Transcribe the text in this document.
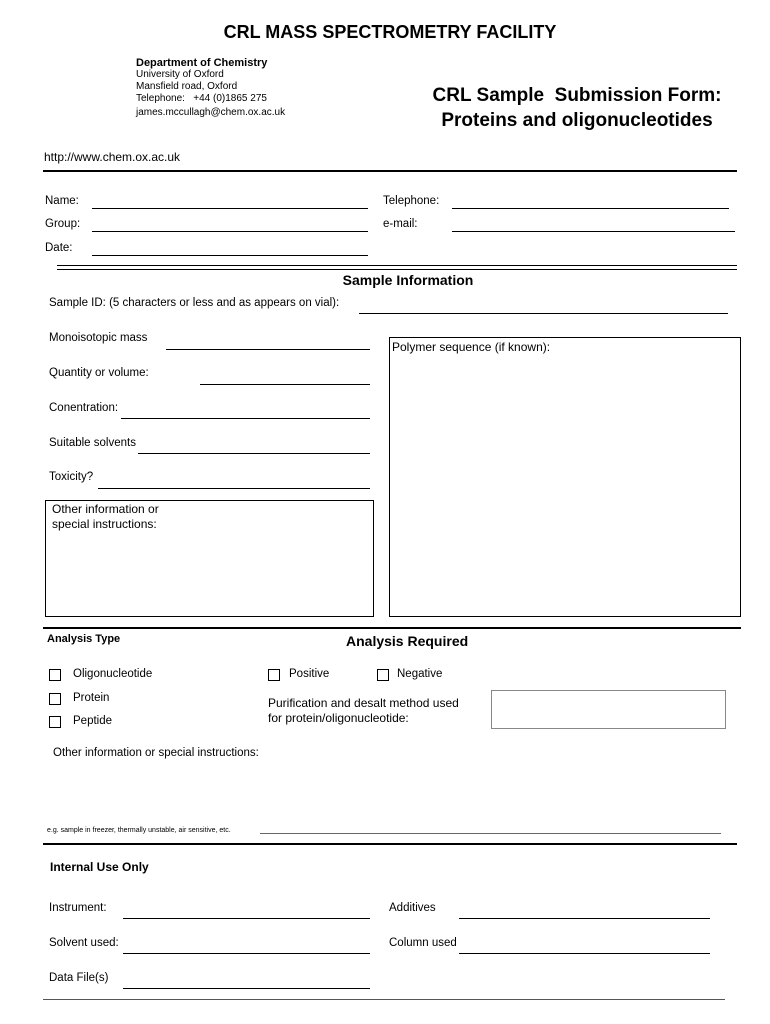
CRL MASS SPECTROMETRY FACILITY
Department of Chemistry
University of Oxford
Mansfield road, Oxford
Telephone:   +44 (0)1865 275
james.mccullagh@chem.ox.ac.uk
CRL Sample  Submission Form:
Proteins and oligonucleotides
http://www.chem.ox.ac.uk
Name:
Group:
Date:
Telephone:
e-mail:
Sample Information
Sample ID: (5 characters or less and as appears on vial):
Monoisotopic mass
Quantity or volume:
Conentration:
Suitable solvents
Toxicity?
Other information or
special instructions:
Polymer sequence (if known):
Analysis Type	Analysis Required
Oligonucleotide
Protein
Peptide
Positive	Negative
Purification and desalt method used
for protein/oligonucleotide:
Other information or special instructions:
e.g. sample in freezer, thermally unstable, air sensitive, etc.
Internal Use Only
Instrument:	Additives
Solvent used:	Column used
Data File(s)
